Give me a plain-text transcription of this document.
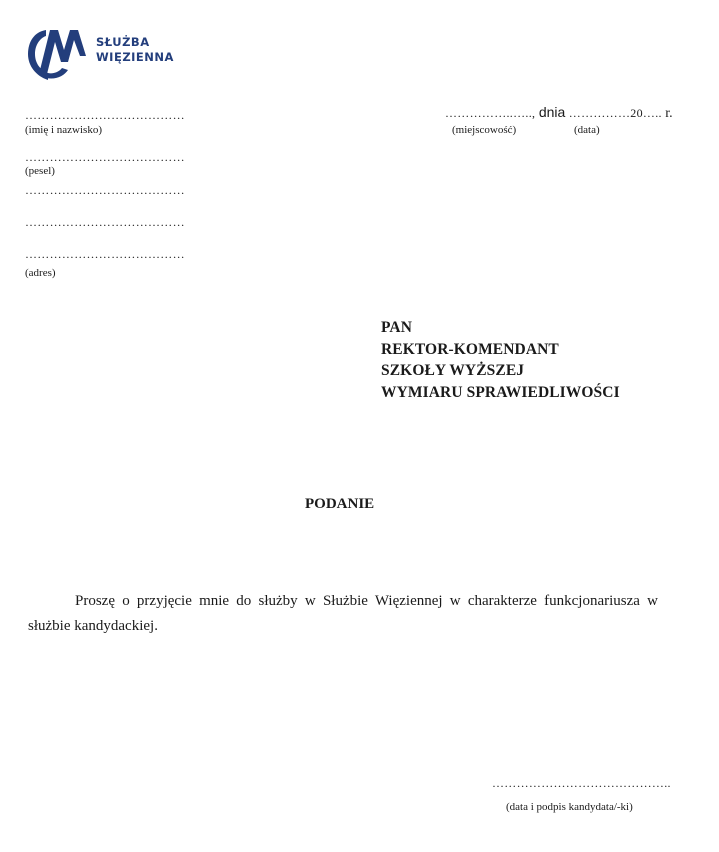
SŁUŻBA
WIĘZIENNA
…………………………………
(imię i nazwisko)
…………………………………
(pesel)
…………………………………
…………………………………
…………………………………
(adres)
……………..….., dnia ……………20….. r.
(miejscowość)	(data)
PAN
REKTOR-KOMENDANT
SZKOŁY WYŻSZEJ
WYMIARU SPRAWIEDLIWOŚCI
PODANIE
Proszę o przyjęcie mnie do służby w Służbie Więziennej w charakterze funkcjonariusza w służbie kandydackiej.
……………………………………..
(data i podpis kandydata/-ki)
